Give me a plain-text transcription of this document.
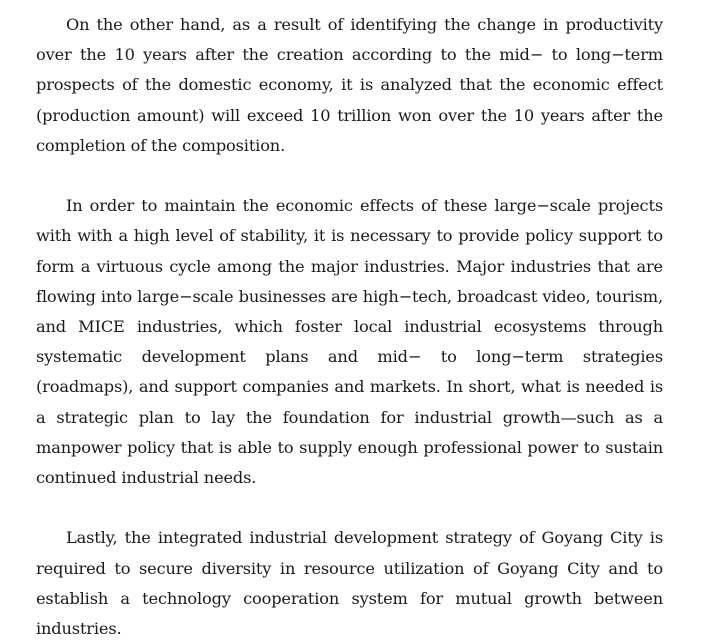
On the other hand, as a result of identifying the change in productivity over the 10 years after the creation according to the mid− to long−term prospects of the domestic economy, it is analyzed that the economic effect (production amount) will exceed 10 trillion won over the 10 years after the completion of the composition.

In order to maintain the economic effects of these large−scale projects with with a high level of stability, it is necessary to provide policy support to form a virtuous cycle among the major industries. Major industries that are flowing into large−scale businesses are high−tech, broadcast video, tourism, and MICE industries, which foster local industrial ecosystems through systematic development plans and mid− to long−term strategies (roadmaps), and support companies and markets. In short, what is needed is a strategic plan to lay the foundation for industrial growth—such as a manpower policy that is able to supply enough professional power to sustain continued industrial needs.

Lastly, the integrated industrial development strategy of Goyang City is required to secure diversity in resource utilization of Goyang City and to establish a technology cooperation system for mutual growth between industries.
